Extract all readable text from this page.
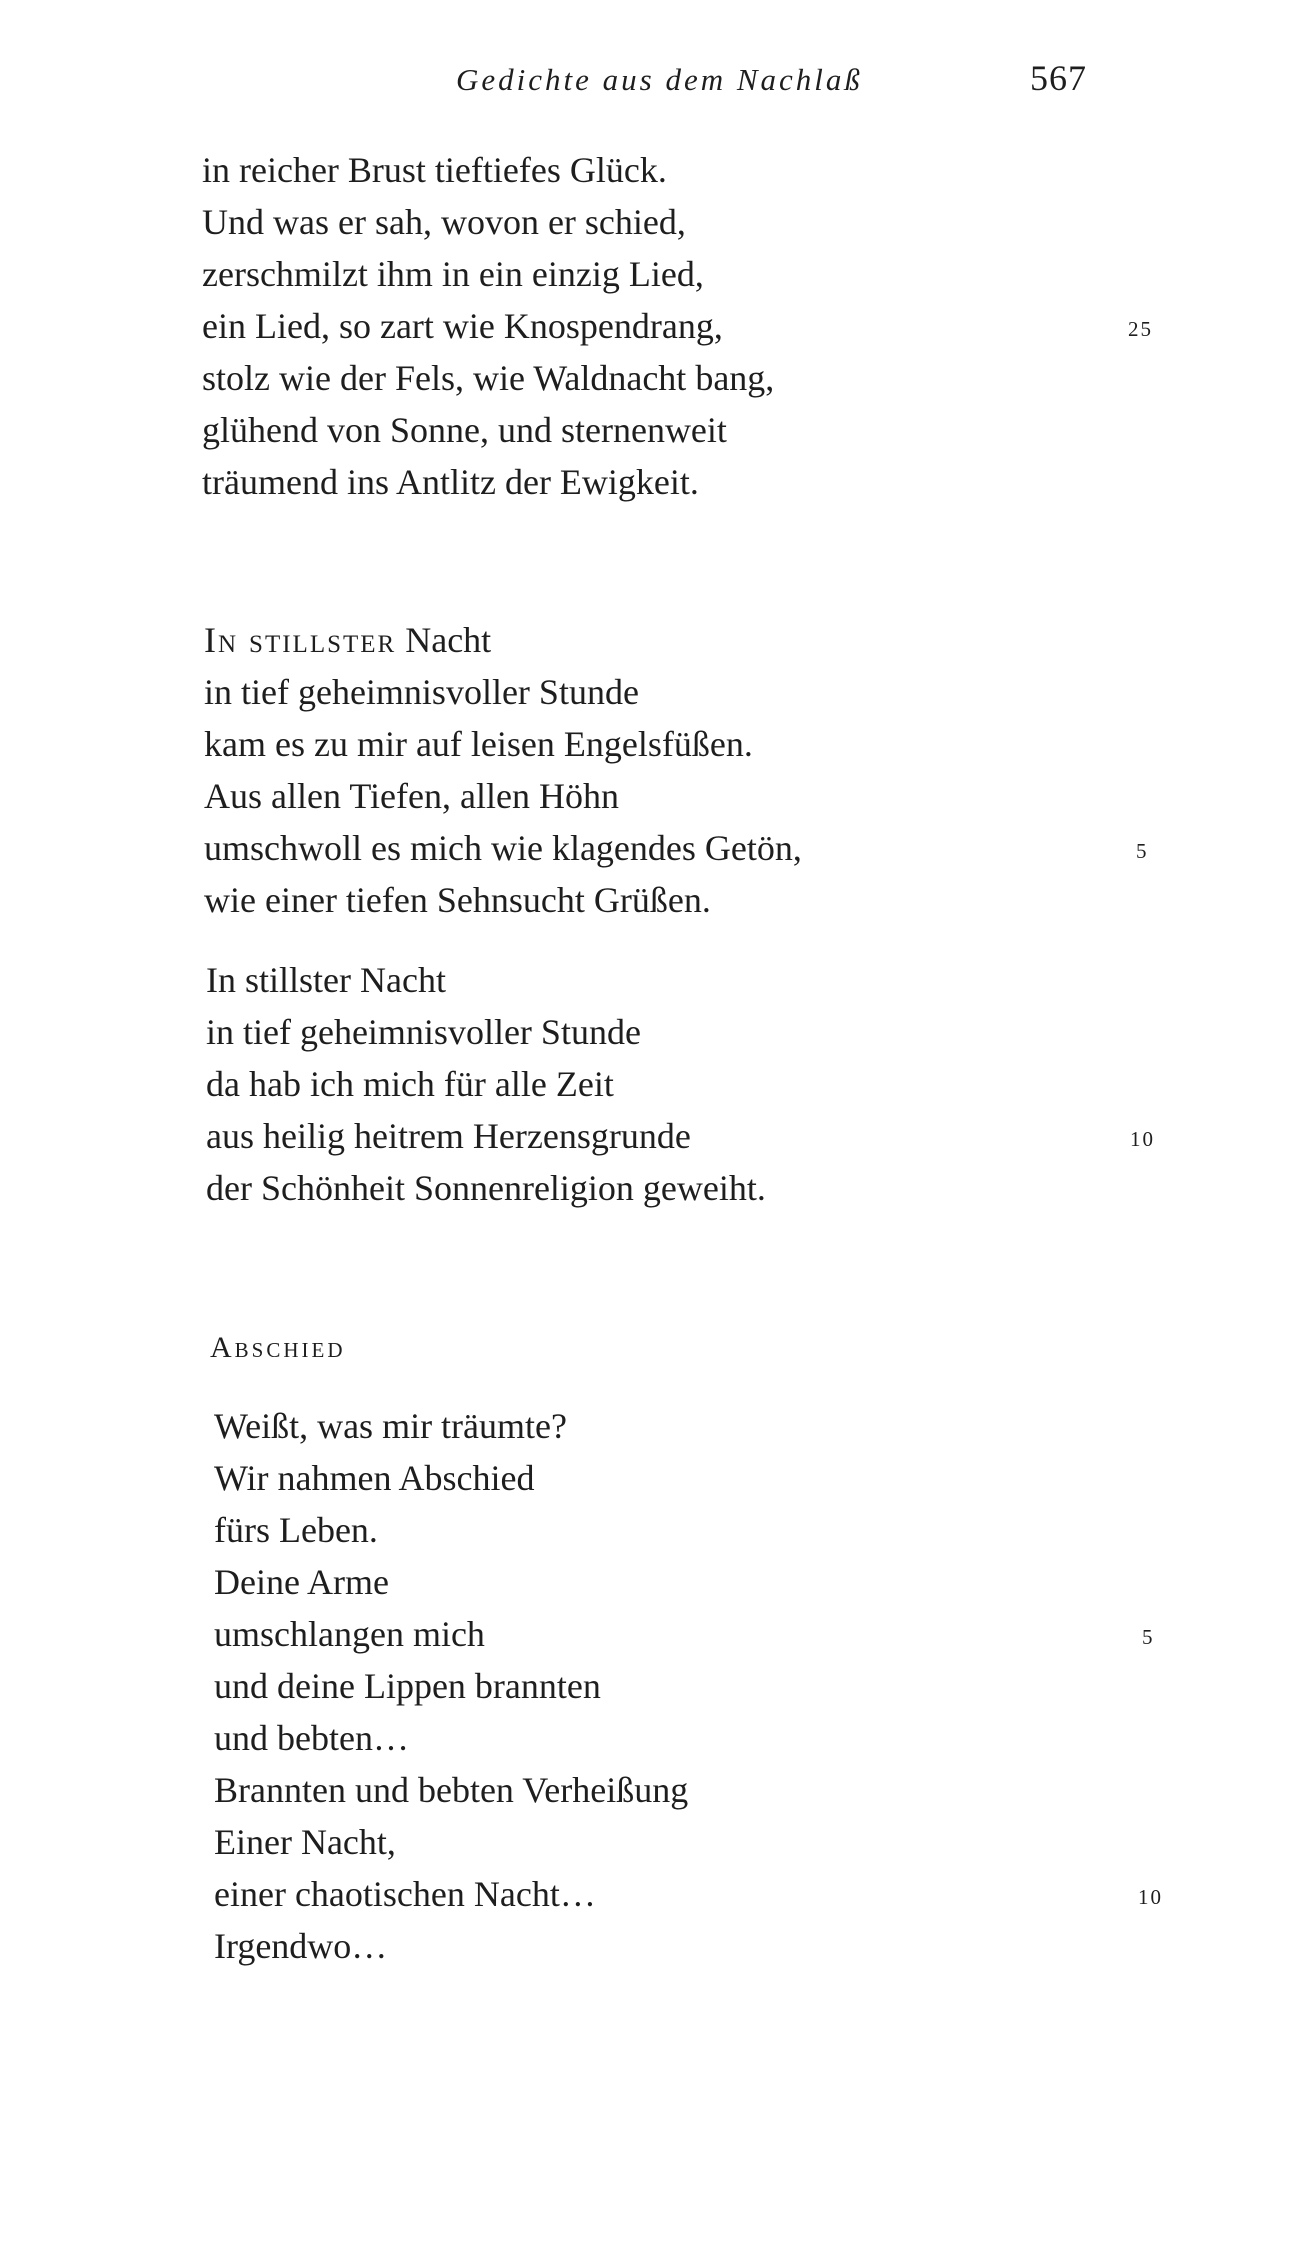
Gedichte aus dem Nachlaß	567
in reicher Brust tieftiefes Glück.
Und was er sah, wovon er schied,
zerschmilzt ihm in ein einzig Lied,
ein Lied, so zart wie Knospendrang,	25
stolz wie der Fels, wie Waldnacht bang,
glühend von Sonne, und sternenweit
träumend ins Antlitz der Ewigkeit.
In stillster Nacht
in tief geheimnisvoller Stunde
kam es zu mir auf leisen Engelsfüßen.
Aus allen Tiefen, allen Höhn
umschwoll es mich wie klagendes Getön,	5
wie einer tiefen Sehnsucht Grüßen.
In stillster Nacht
in tief geheimnisvoller Stunde
da hab ich mich für alle Zeit
aus heilig heitrem Herzensgrunde	10
der Schönheit Sonnenreligion geweiht.
Abschied
Weißt, was mir träumte?
Wir nahmen Abschied
fürs Leben.
Deine Arme
umschlangen mich	5
und deine Lippen brannten
und bebten…
Brannten und bebten Verheißung
Einer Nacht,
einer chaotischen Nacht…	10
Irgendwo…
